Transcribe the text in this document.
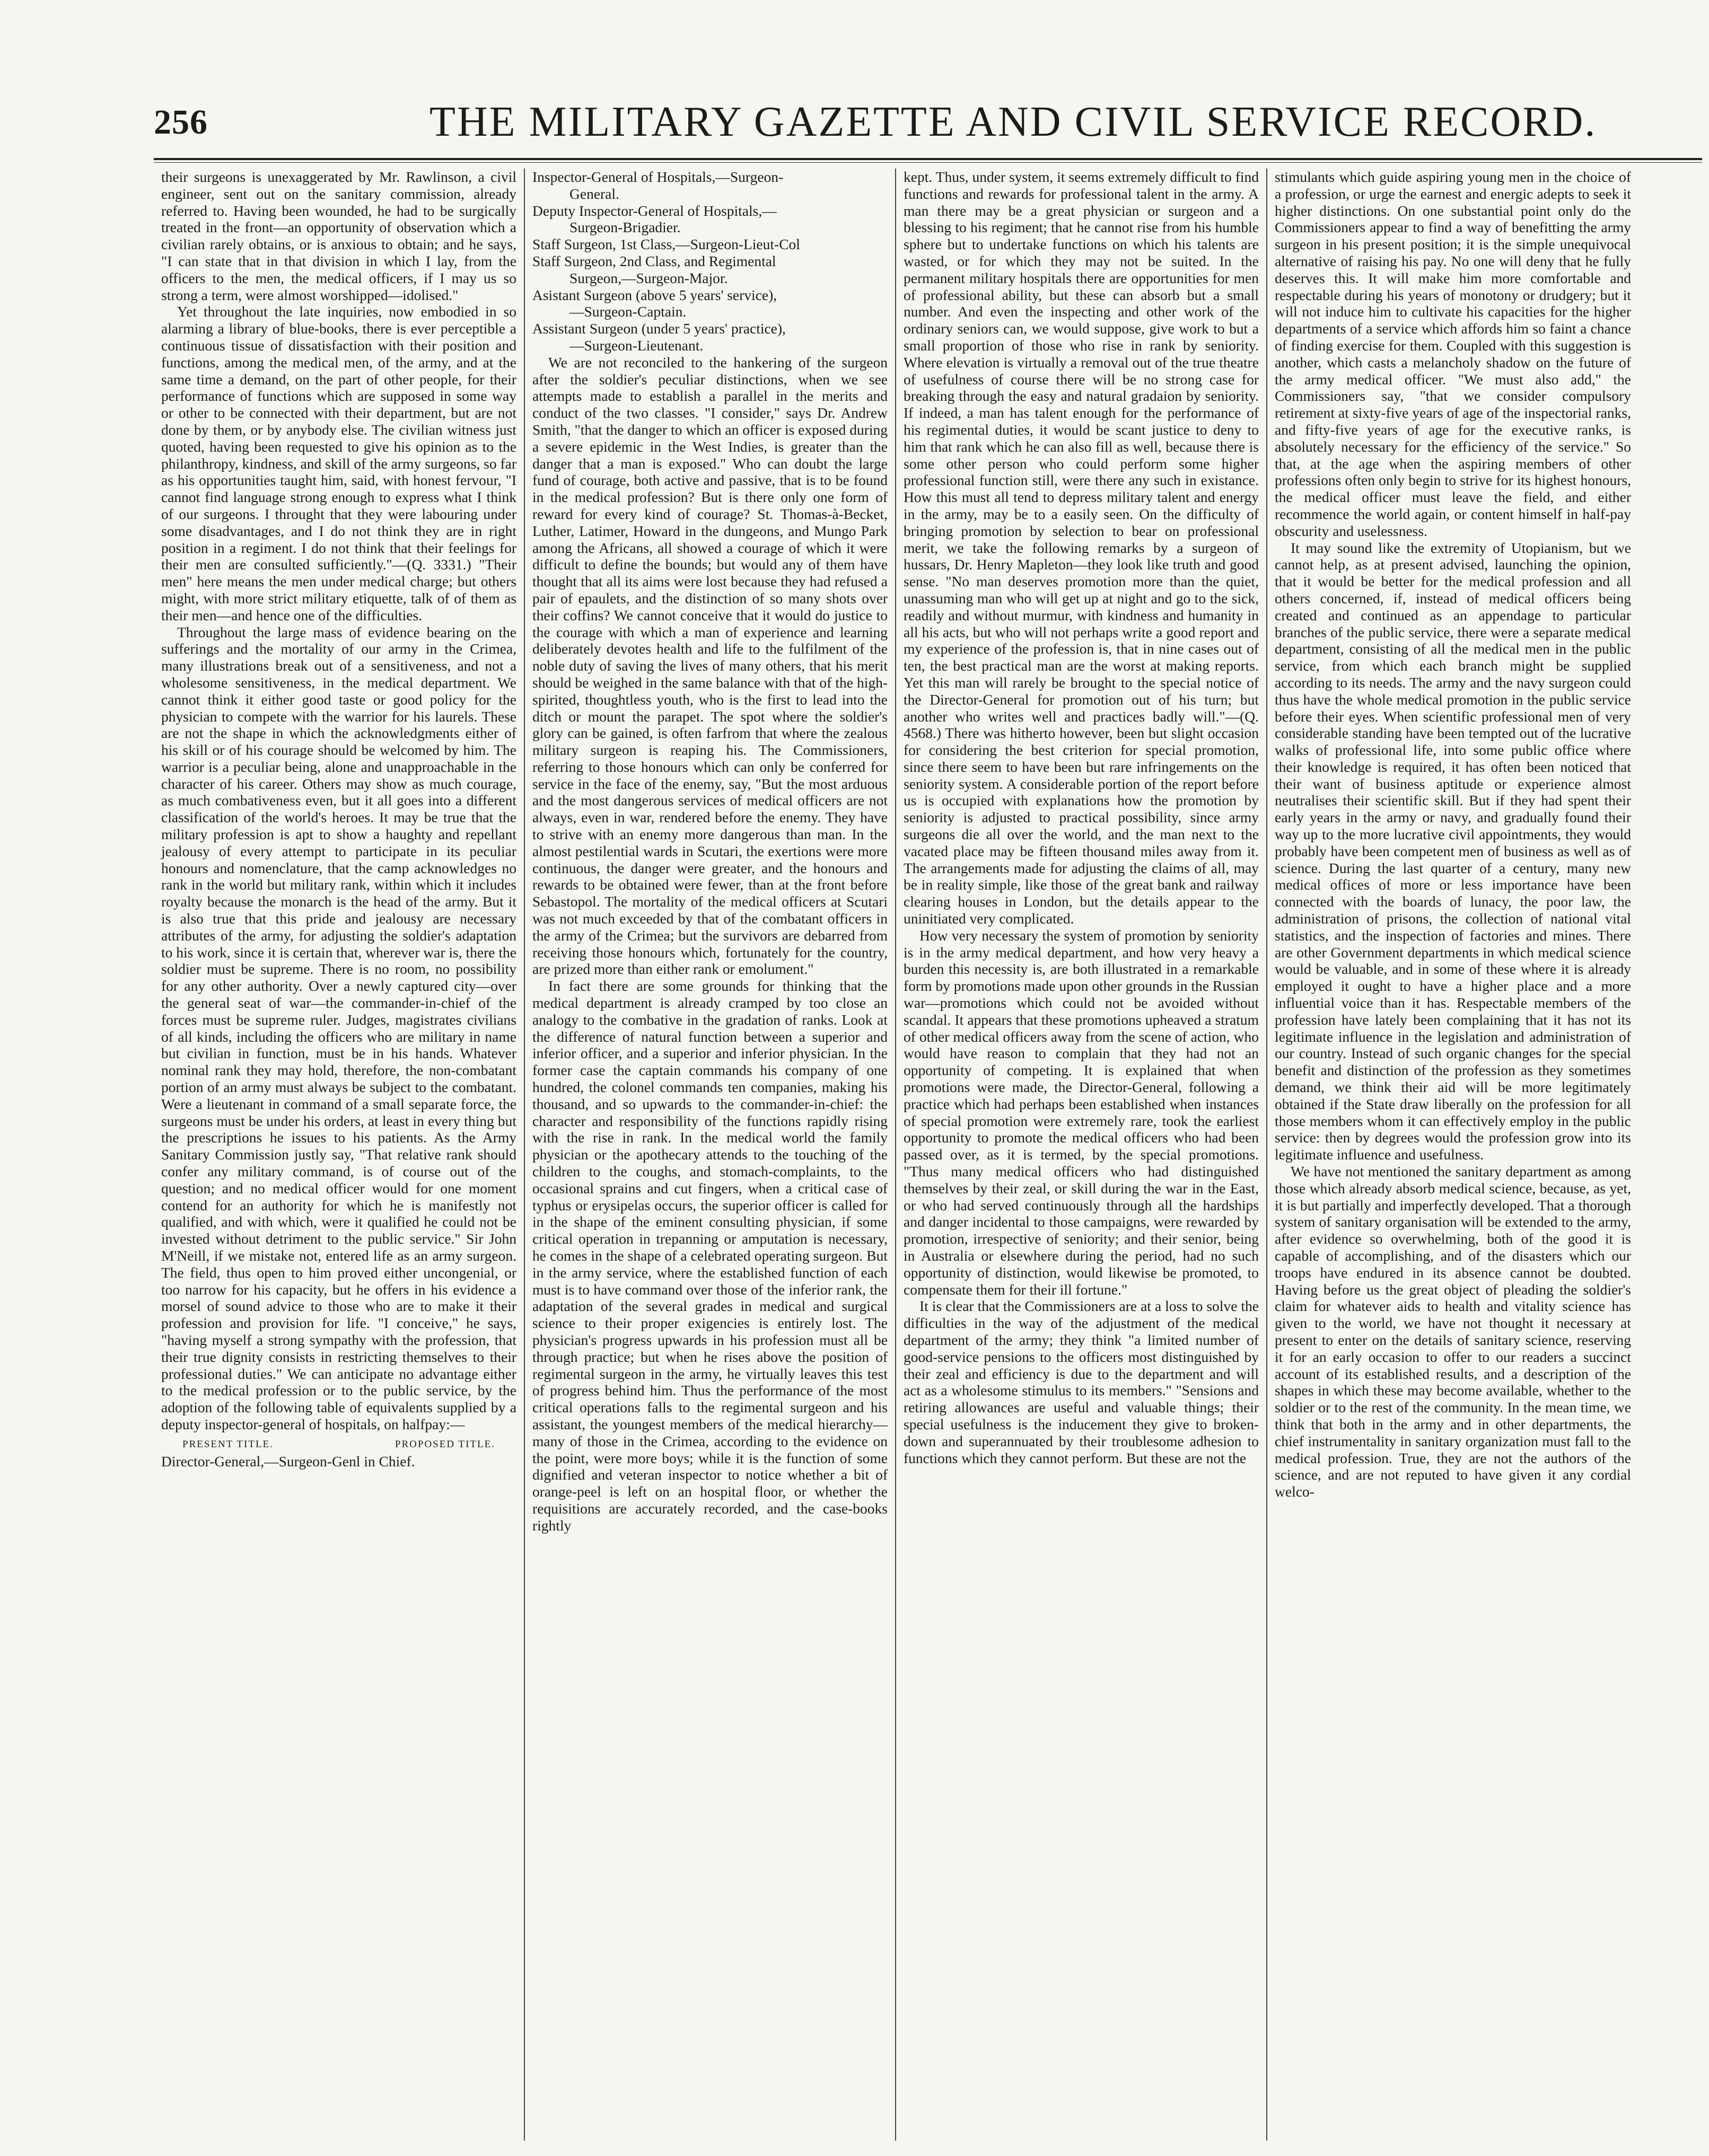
256	THE MILITARY GAZETTE AND CIVIL SERVICE RECORD.

their surgeons is unexaggerated by Mr. Rawlinson, a civil engineer, sent out on the sanitary commission, already referred to. Having been wounded, he had to be surgically treated in the front—an opportunity of observation which a civilian rarely obtains, or is anxious to obtain; and he says, "I can state that in that division in which I lay, from the officers to the men, the medical officers, if I may us so strong a term, were almost worshipped—idolised."

Yet throughout the late inquiries, now embodied in so alarming a library of blue-books, there is ever perceptible a continuous tissue of dissatisfaction with their position and functions, among the medical men, of the army, and at the same time a demand, on the part of other people, for their performance of functions which are supposed in some way or other to be connected with their department, but are not done by them, or by anybody else. The civilian witness just quoted, having been requested to give his opinion as to the philanthropy, kindness, and skill of the army surgeons, so far as his opportunities taught him, said, with honest fervour, "I cannot find language strong enough to express what I think of our surgeons. I throught that they were labouring under some disadvantages, and I do not think they are in right position in a regiment. I do not think that their feelings for their men are consulted sufficiently."—(Q. 3331.) "Their men" here means the men under medical charge; but others might, with more strict military etiquette, talk of of them as their men—and hence one of the difficulties.

Throughout the large mass of evidence bearing on the sufferings and the mortality of our army in the Crimea, many illustrations break out of a sensitiveness, and not a wholesome sensitiveness, in the medical department. We cannot think it either good taste or good policy for the physician to compete with the warrior for his laurels. These are not the shape in which the acknowledgments either of his skill or of his courage should be welcomed by him. The warrior is a peculiar being, alone and unapproachable in the character of his career. Others may show as much courage, as much combativeness even, but it all goes into a different classification of the world's heroes. It may be true that the military profession is apt to show a haughty and repellant jealousy of every attempt to participate in its peculiar honours and nomenclature, that the camp acknowledges no rank in the world but military rank, within which it includes royalty because the monarch is the head of the army. But it is also true that this pride and jealousy are necessary attributes of the army, for adjusting the soldier's adaptation to his work, since it is certain that, wherever war is, there the soldier must be supreme. There is no room, no possibility for any other authority. Over a newly captured city—over the general seat of war—the commander-in-chief of the forces must be supreme ruler. Judges, magistrates civilians of all kinds, including the officers who are military in name but civilian in function, must be in his hands. Whatever nominal rank they may hold, therefore, the non-combatant portion of an army must always be subject to the combatant. Were a lieutenant in command of a small separate force, the surgeons must be under his orders, at least in every thing but the prescriptions he issues to his patients. As the Army Sanitary Commission justly say, "That relative rank should confer any military command, is of course out of the question; and no medical officer would for one moment contend for an authority for which he is manifestly not qualified, and with which, were it qualified he could not be invested without detriment to the public service." Sir John M'Neill, if we mistake not, entered life as an army surgeon. The field, thus open to him proved either uncongenial, or too narrow for his capacity, but he offers in his evidence a morsel of sound advice to those who are to make it their profession and provision for life. "I conceive," he says, "having myself a strong sympathy with the profession, that their true dignity consists in restricting themselves to their professional duties." We can anticipate no advantage either to the medical profession or to the public service, by the adoption of the following table of equivalents supplied by a deputy inspector-general of hospitals, on halfpay:—

PRESENT TITLE.	PROPOSED TITLE.

Director-General,—Surgeon-Genl in Chief.

Inspector-General of Hospitals,—Surgeon-
General.
Deputy Inspector-General of Hospitals,—
Surgeon-Brigadier.
Staff Surgeon, 1st Class,—Surgeon-Lieut-Col
Staff Surgeon, 2nd Class, and Regimental
Surgeon,—Surgeon-Major.
Asistant Surgeon (above 5 years' service),
—Surgeon-Captain.
Assistant Surgeon (under 5 years' practice),
—Surgeon-Lieutenant.

We are not reconciled to the hankering of the surgeon after the soldier's peculiar distinctions, when we see attempts made to establish a parallel in the merits and conduct of the two classes. "I consider," says Dr. Andrew Smith, "that the danger to which an officer is exposed during a severe epidemic in the West Indies, is greater than the danger that a man is exposed." Who can doubt the large fund of courage, both active and passive, that is to be found in the medical profession? But is there only one form of reward for every kind of courage? St. Thomas-à-Becket, Luther, Latimer, Howard in the dungeons, and Mungo Park among the Africans, all showed a courage of which it were difficult to define the bounds; but would any of them have thought that all its aims were lost because they had refused a pair of epaulets, and the distinction of so many shots over their coffins? We cannot conceive that it would do justice to the courage with which a man of experience and learning deliberately devotes health and life to the fulfilment of the noble duty of saving the lives of many others, that his merit should be weighed in the same balance with that of the high-spirited, thoughtless youth, who is the first to lead into the ditch or mount the parapet. The spot where the soldier's glory can be gained, is often farfrom that where the zealous military surgeon is reaping his. The Commissioners, referring to those honours which can only be conferred for service in the face of the enemy, say, "But the most arduous and the most dangerous services of medical officers are not always, even in war, rendered before the enemy. They have to strive with an enemy more dangerous than man. In the almost pestilential wards in Scutari, the exertions were more continuous, the danger were greater, and the honours and rewards to be obtained were fewer, than at the front before Sebastopol. The mortality of the medical officers at Scutari was not much exceeded by that of the combatant officers in the army of the Crimea; but the survivors are debarred from receiving those honours which, fortunately for the country, are prized more than either rank or emolument."

In fact there are some grounds for thinking that the medical department is already cramped by too close an analogy to the combative in the gradation of ranks. Look at the difference of natural function between a superior and inferior officer, and a superior and inferior physician. In the former case the captain commands his company of one hundred, the colonel commands ten companies, making his thousand, and so upwards to the commander-in-chief: the character and responsibility of the functions rapidly rising with the rise in rank. In the medical world the family physician or the apothecary attends to the touching of the children to the coughs, and stomach-complaints, to the occasional sprains and cut fingers, when a critical case of typhus or erysipelas occurs, the superior officer is called for in the shape of the eminent consulting physician, if some critical operation in trepanning or amputation is necessary, he comes in the shape of a celebrated operating surgeon. But in the army service, where the established function of each must is to have command over those of the inferior rank, the adaptation of the several grades in medical and surgical science to their proper exigencies is entirely lost. The physician's progress upwards in his profession must all be through practice; but when he rises above the position of regimental surgeon in the army, he virtually leaves this test of progress behind him. Thus the performance of the most critical operations falls to the regimental surgeon and his assistant, the youngest members of the medical hierarchy—many of those in the Crimea, according to the evidence on the point, were more boys; while it is the function of some dignified and veteran inspector to notice whether a bit of orange-peel is left on an hospital floor, or whether the requisitions are accurately recorded, and the case-books rightly

kept. Thus, under system, it seems extremely difficult to find functions and rewards for professional talent in the army. A man there may be a great physician or surgeon and a blessing to his regiment; that he cannot rise from his humble sphere but to undertake functions on which his talents are wasted, or for which they may not be suited. In the permanent military hospitals there are opportunities for men of professional ability, but these can absorb but a small number. And even the inspecting and other work of the ordinary seniors can, we would suppose, give work to but a small proportion of those who rise in rank by seniority. Where elevation is virtually a removal out of the true theatre of usefulness of course there will be no strong case for breaking through the easy and natural gradaion by seniority. If indeed, a man has talent enough for the performance of his regimental duties, it would be scant justice to deny to him that rank which he can also fill as well, because there is some other person who could perform some higher professional function still, were there any such in existance. How this must all tend to depress military talent and energy in the army, may be to a easily seen. On the difficulty of bringing promotion by selection to bear on professional merit, we take the following remarks by a surgeon of hussars, Dr. Henry Mapleton—they look like truth and good sense. "No man deserves promotion more than the quiet, unassuming man who will get up at night and go to the sick, readily and without murmur, with kindness and humanity in all his acts, but who will not perhaps write a good report and my experience of the profession is, that in nine cases out of ten, the best practical man are the worst at making reports. Yet this man will rarely be brought to the special notice of the Director-General for promotion out of his turn; but another who writes well and practices badly will."—(Q. 4568.) There was hitherto however, been but slight occasion for considering the best criterion for special promotion, since there seem to have been but rare infringements on the seniority system. A considerable portion of the report before us is occupied with explanations how the promotion by seniority is adjusted to practical possibility, since army surgeons die all over the world, and the man next to the vacated place may be fifteen thousand miles away from it. The arrangements made for adjusting the claims of all, may be in reality simple, like those of the great bank and railway clearing houses in London, but the details appear to the uninitiated very complicated.

How very necessary the system of promotion by seniority is in the army medical department, and how very heavy a burden this necessity is, are both illustrated in a remarkable form by promotions made upon other grounds in the Russian war—promotions which could not be avoided without scandal. It appears that these promotions upheaved a stratum of other medical officers away from the scene of action, who would have reason to complain that they had not an opportunity of competing. It is explained that when promotions were made, the Director-General, following a practice which had perhaps been established when instances of special promotion were extremely rare, took the earliest opportunity to promote the medical officers who had been passed over, as it is termed, by the special promotions. "Thus many medical officers who had distinguished themselves by their zeal, or skill during the war in the East, or who had served continuously through all the hardships and danger incidental to those campaigns, were rewarded by promotion, irrespective of seniority; and their senior, being in Australia or elsewhere during the period, had no such opportunity of distinction, would likewise be promoted, to compensate them for their ill fortune."

It is clear that the Commissioners are at a loss to solve the difficulties in the way of the adjustment of the medical department of the army; they think "a limited number of good-service pensions to the officers most distinguished by their zeal and efficiency is due to the department and will act as a wholesome stimulus to its members." "Sensions and retiring allowances are useful and valuable things; their special usefulness is the inducement they give to broken-down and superannuated by their troublesome adhesion to functions which they cannot perform. But these are not the

stimulants which guide aspiring young men in the choice of a profession, or urge the earnest and energic adepts to seek it higher distinctions. On one substantial point only do the Commissioners appear to find a way of benefitting the army surgeon in his present position; it is the simple unequivocal alternative of raising his pay. No one will deny that he fully deserves this. It will make him more comfortable and respectable during his years of monotony or drudgery; but it will not induce him to cultivate his capacities for the higher departments of a service which affords him so faint a chance of finding exercise for them. Coupled with this suggestion is another, which casts a melancholy shadow on the future of the army medical officer. "We must also add," the Commissioners say, "that we consider compulsory retirement at sixty-five years of age of the inspectorial ranks, and fifty-five years of age for the executive ranks, is absolutely necessary for the efficiency of the service." So that, at the age when the aspiring members of other professions often only begin to strive for its highest honours, the medical officer must leave the field, and either recommence the world again, or content himself in half-pay obscurity and uselessness.

It may sound like the extremity of Utopianism, but we cannot help, as at present advised, launching the opinion, that it would be better for the medical profession and all others concerned, if, instead of medical officers being created and continued as an appendage to particular branches of the public service, there were a separate medical department, consisting of all the medical men in the public service, from which each branch might be supplied according to its needs. The army and the navy surgeon could thus have the whole medical promotion in the public service before their eyes. When scientific professional men of very considerable standing have been tempted out of the lucrative walks of professional life, into some public office where their knowledge is required, it has often been noticed that their want of business aptitude or experience almost neutralises their scientific skill. But if they had spent their early years in the army or navy, and gradually found their way up to the more lucrative civil appointments, they would probably have been competent men of business as well as of science. During the last quarter of a century, many new medical offices of more or less importance have been connected with the boards of lunacy, the poor law, the administration of prisons, the collection of national vital statistics, and the inspection of factories and mines. There are other Government departments in which medical science would be valuable, and in some of these where it is already employed it ought to have a higher place and a more influential voice than it has. Respectable members of the profession have lately been complaining that it has not its legitimate influence in the legislation and administration of our country. Instead of such organic changes for the special benefit and distinction of the profession as they sometimes demand, we think their aid will be more legitimately obtained if the State draw liberally on the profession for all those members whom it can effectively employ in the public service: then by degrees would the profession grow into its legitimate influence and usefulness.

We have not mentioned the sanitary department as among those which already absorb medical science, because, as yet, it is but partially and imperfectly developed. That a thorough system of sanitary organisation will be extended to the army, after evidence so overwhelming, both of the good it is capable of accomplishing, and of the disasters which our troops have endured in its absence cannot be doubted. Having before us the great object of pleading the soldier's claim for whatever aids to health and vitality science has given to the world, we have not thought it necessary at present to enter on the details of sanitary science, reserving it for an early occasion to offer to our readers a succinct account of its established results, and a description of the shapes in which these may become available, whether to the soldier or to the rest of the community. In the mean time, we think that both in the army and in other departments, the chief instrumentality in sanitary organization must fall to the medical profession. True, they are not the authors of the science, and are not reputed to have given it any cordial welco-
